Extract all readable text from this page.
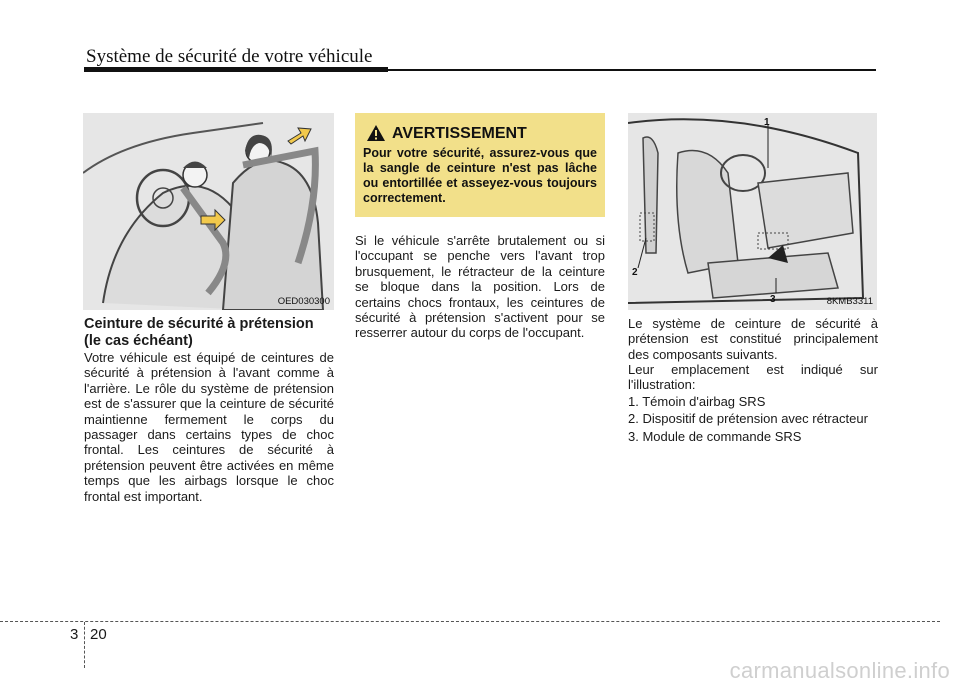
Système de sécurité de votre véhicule
OED030300
Ceinture de sécurité à prétension (le cas échéant)
Votre véhicule est équipé de ceintures de sécurité à prétension à l'avant comme à l'arrière. Le rôle du système de prétension est de s'assurer que la ceinture de sécurité maintienne fermement le corps du passager dans certains types de choc frontal. Les ceintures de sécurité à prétension peuvent être activées en même temps que les airbags lorsque le choc frontal est important.
AVERTISSEMENT
Pour votre sécurité, assurez-vous que la sangle de ceinture n'est pas lâche ou entortillée et asseyez-vous toujours correctement.
Si le véhicule s'arrête brutalement ou si l'occupant se penche vers l'avant trop brusquement, le rétracteur de la ceinture se bloque dans la position. Lors de certains chocs frontaux, les ceintures de sécurité à prétension s'activent pour se resserrer autour du corps de l'occupant.
1
2
3	8KMB3311
Le système de ceinture de sécurité à prétension est constitué principalement des composants suivants.
Leur emplacement est indiqué sur l'illustration:
1. Témoin d'airbag SRS
2. Dispositif de prétension avec rétracteur
3. Module de commande SRS
3 20
carmanualsonline.info
